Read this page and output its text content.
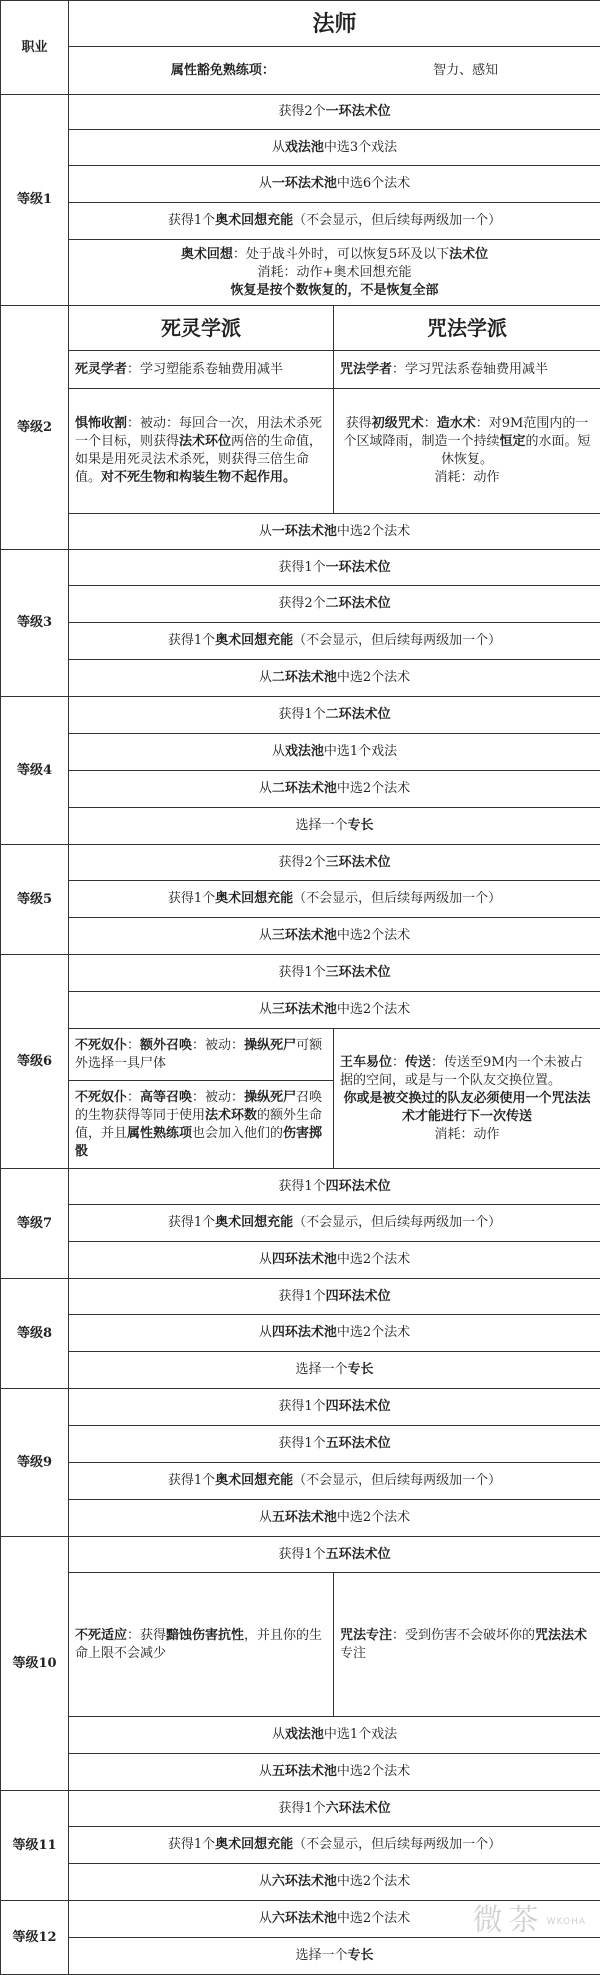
职业	法师	
	属性豁免熟练项： 智力、感知	
等级1	获得2个一环法术位	
	从戏法池中选3个戏法	
	从一环法术池中选6个法术	
	获得1个奥术回想充能（不会显示，但后续每两级加一个）	

	奥术回想：处于战斗外时，可以恢复5环及以下法术位
消耗：动作+奥术回想充能
恢复是按个数恢复的，不是恢复全部	

等级2	死灵学派	咒法学派
	死灵学者：学习塑能系卷轴费用减半	咒法学者：学习咒法系卷轴费用减半
	惧怖收割：被动：每回合一次，用法术杀死一个目标，则获得法术环位两倍的生命值，如果是用死灵法术杀死，则获得三倍生命值。对不死生物和构装生物不起作用。	获得初级咒术：造水术：对9M范围内的一个区域降雨，制造一个持续恒定的水面。短休恢复。
消耗：动作

	从一环法术池中选2个法术	
等级3	获得1个一环法术位	
	获得2个二环法术位	
	获得1个奥术回想充能（不会显示，但后续每两级加一个）	
	从二环法术池中选2个法术	
等级4	获得1个二环法术位	
	从戏法池中选1个戏法	
	从二环法术池中选2个法术	
	选择一个专长	
等级5	获得2个三环法术位	
	获得1个奥术回想充能（不会显示，但后续每两级加一个）	
	从三环法术池中选2个法术	
等级6	获得1个三环法术位	
	从三环法术池中选2个法术	
	不死奴仆：额外召唤：被动：操纵死尸可额外选择一具尸体	王车易位：传送：传送至9M内一个未被占据的空间，或是与一个队友交换位置。
你或是被交换过的队友必须使用一个咒法法术才能进行下一次传送
消耗：动作

	不死奴仆：高等召唤：被动：操纵死尸召唤的生物获得等同于使用法术环数的额外生命值，并且属性熟练项也会加入他们的伤害掷骰	
等级7	获得1个四环法术位	
	获得1个奥术回想充能（不会显示，但后续每两级加一个）	
	从四环法术池中选2个法术	
等级8	获得1个四环法术位	
	从四环法术池中选2个法术	
	选择一个专长	
等级9	获得1个四环法术位	
	获得1个五环法术位	
	获得1个奥术回想充能（不会显示，但后续每两级加一个）	
	从五环法术池中选2个法术	
等级10	获得1个五环法术位	
	不死适应：获得黯蚀伤害抗性，并且你的生命上限不会减少	咒法专注：受到伤害不会破坏你的咒法法术专注
	从戏法池中选1个戏法	
	从五环法术池中选2个法术	
等级11	获得1个六环法术位	
	获得1个奥术回想充能（不会显示，但后续每两级加一个）	
	从六环法术池中选2个法术	
等级12	从六环法术池中选2个法术	
	选择一个专长	
微茶 WKOHA
